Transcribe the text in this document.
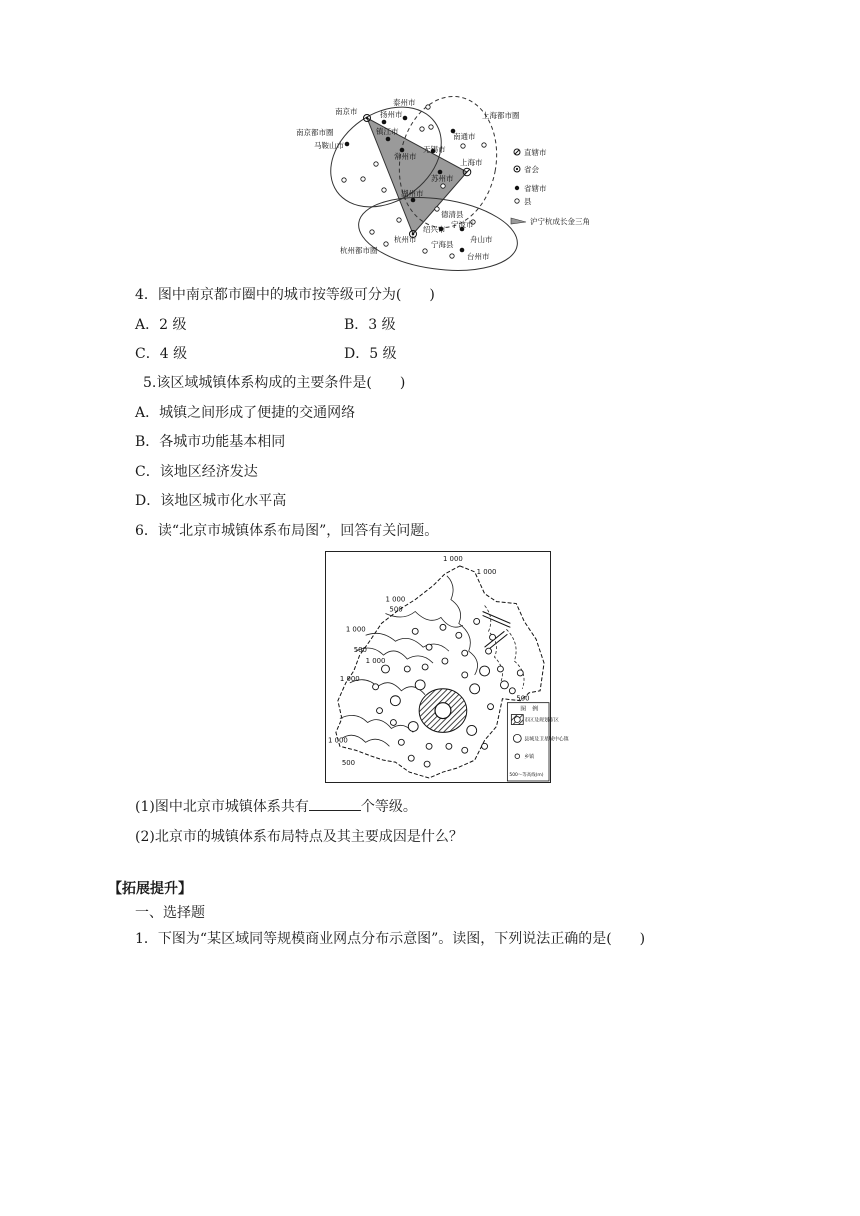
南京市
泰州市
扬州市
镇江市
南京都市圈
马鞍山市
常州市
无锡市
苏州市
上海市
上海都市圈
南通市
湖州市
德清县
宁波市
绍兴市
杭州市
宁海县
舟山市
台州市
杭州都市圈
直辖市
省会
省辖市
县
沪宁杭成长金三角
4．图中南京都市圈中的城市按等级可分为(　　)
A．2 级	B．3 级
C．4 级	D．5 级
5.该区域城镇体系构成的主要条件是(　　)
A．城镇之间形成了便捷的交通网络
B．各城市功能基本相同
C．该地区经济发达
D．该地区城市化水平高
6．读“北京市城镇体系布局图”，回答有关问题。
1 000
1 000
1 000
500
1 000
500
1 000
1 000
1 000
500
500
图　例
市区及规划市区
县城及卫星城中心镇
乡镇
500～等高线(m)
(1)图中北京市城镇体系共有	个等级。
(2)北京市的城镇体系布局特点及其主要成因是什么？
【拓展提升】
一、选择题
1．下图为“某区域同等规模商业网点分布示意图”。读图，下列说法正确的是(　　)
